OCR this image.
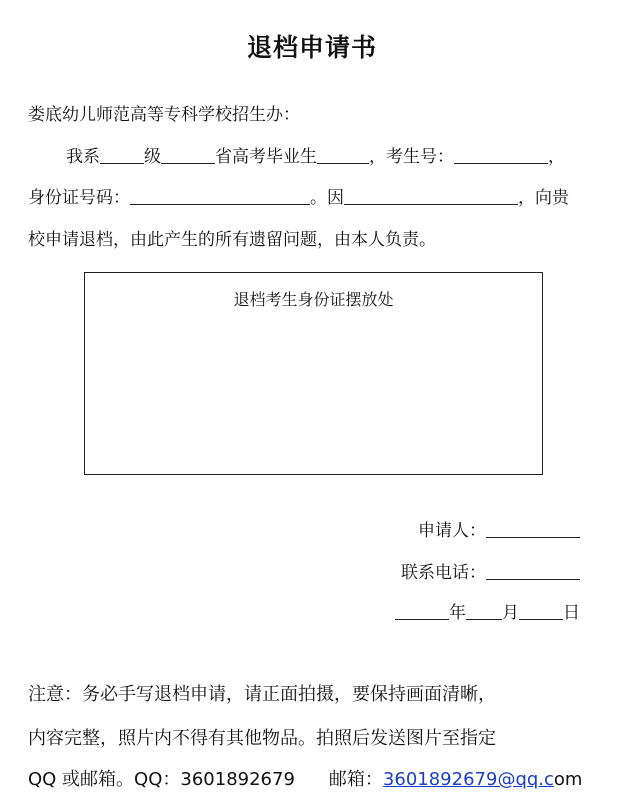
退档申请书
娄底幼儿师范高等专科学校招生办：
我系	级	省高考毕业生	，考生号：	，
身份证号码：	。因	，向贵
校申请退档，由此产生的所有遗留问题，由本人负责。
退档考生身份证摆放处
申请人：
联系电话：
年 月	日
注意：务必手写退档申请，请正面拍摄，要保持画面清晰，
内容完整，照片内不得有其他物品。拍照后发送图片至指定
QQ 或邮箱。QQ：3601892679 邮箱：3601892679@qq.com
